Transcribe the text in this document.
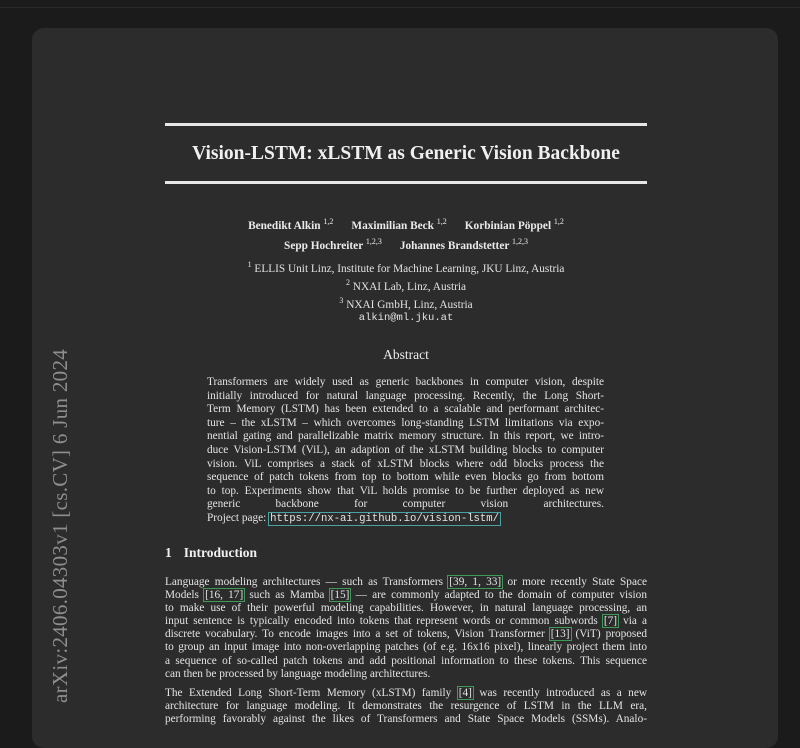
arXiv:2406.04303v1 [cs.CV] 6 Jun 2024
Vision-LSTM: xLSTM as Generic Vision Backbone
Benedikt Alkin $^{1,2}$ Maximilian Beck $^{1,2}$ Korbinian Pöppel $^{1,2}$
Sepp Hochreiter $^{1,2,3}$ Johannes Brandstetter $^{1,2,3}$
$^1$ ELLIS Unit Linz, Institute for Machine Learning, JKU Linz, Austria
$^2$ NXAI Lab, Linz, Austria
$^3$ NXAI GmbH, Linz, Austria
alkin@ml.jku.at
Abstract
Transformers are widely used as generic backbones in computer vision, despite
initially introduced for natural language processing. Recently, the Long Short-
Term Memory (LSTM) has been extended to a scalable and performant architec-
ture – the xLSTM – which overcomes long-standing LSTM limitations via expo-
nential gating and parallelizable matrix memory structure. In this report, we intro-
duce Vision-LSTM (ViL), an adaption of the xLSTM building blocks to computer
vision. ViL comprises a stack of xLSTM blocks where odd blocks process the
sequence of patch tokens from top to bottom while even blocks go from bottom
to top. Experiments show that ViL holds promise to be further deployed as new
generic backbone for computer vision architectures.
Project page: https://nx-ai.github.io/vision-lstm/
1 Introduction
Language modeling architectures — such as Transformers [39, 1, 33] or more recently State Space
Models [16, 17] such as Mamba [15] — are commonly adapted to the domain of computer vision
to make use of their powerful modeling capabilities. However, in natural language processing, an
input sentence is typically encoded into tokens that represent words or common subwords [7] via a
discrete vocabulary. To encode images into a set of tokens, Vision Transformer [13] (ViT) proposed
to group an input image into non-overlapping patches (of e.g. 16x16 pixel), linearly project them into
a sequence of so-called patch tokens and add positional information to these tokens. This sequence
can then be processed by language modeling architectures.
The Extended Long Short-Term Memory (xLSTM) family [4] was recently introduced as a new
architecture for language modeling. It demonstrates the resurgence of LSTM in the LLM era,
performing favorably against the likes of Transformers and State Space Models (SSMs). Analo-
